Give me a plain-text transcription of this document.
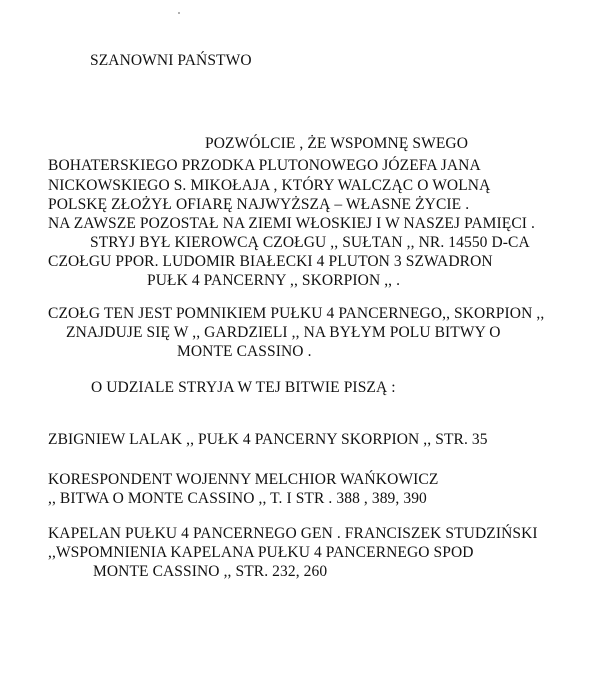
SZANOWNI PAŃSTWO
POZWÓLCIE , ŻE WSPOMNĘ SWEGO
BOHATERSKIEGO PRZODKA PLUTONOWEGO JÓZEFA JANA
NICKOWSKIEGO S. MIKOŁAJA , KTÓRY WALCZĄC O WOLNĄ
POLSKĘ ZŁOŻYŁ OFIARĘ NAJWYŻSZĄ – WŁASNE ŻYCIE .
NA ZAWSZE POZOSTAŁ NA ZIEMI WŁOSKIEJ I W NASZEJ PAMIĘCI .
STRYJ BYŁ KIEROWCĄ CZOŁGU ,, SUŁTAN ,, NR. 14550 D-CA
CZOŁGU PPOR. LUDOMIR BIAŁECKI 4 PLUTON 3 SZWADRON
PUŁK 4 PANCERNY ,, SKORPION ,, .
CZOŁG TEN JEST POMNIKIEM PUŁKU 4 PANCERNEGO,, SKORPION ,,
ZNAJDUJE SIĘ W ,, GARDZIELI ,, NA BYŁYM POLU BITWY O
MONTE CASSINO .
O UDZIALE STRYJA W TEJ BITWIE PISZĄ :
ZBIGNIEW LALAK ,, PUŁK 4 PANCERNY SKORPION ,, STR. 35
KORESPONDENT WOJENNY MELCHIOR WAŃKOWICZ
,, BITWA O MONTE CASSINO ,, T. I STR . 388 , 389, 390
KAPELAN PUŁKU 4 PANCERNEGO GEN . FRANCISZEK STUDZIŃSKI
,,WSPOMNIENIA KAPELANA PUŁKU 4 PANCERNEGO SPOD
MONTE CASSINO ,, STR. 232, 260
